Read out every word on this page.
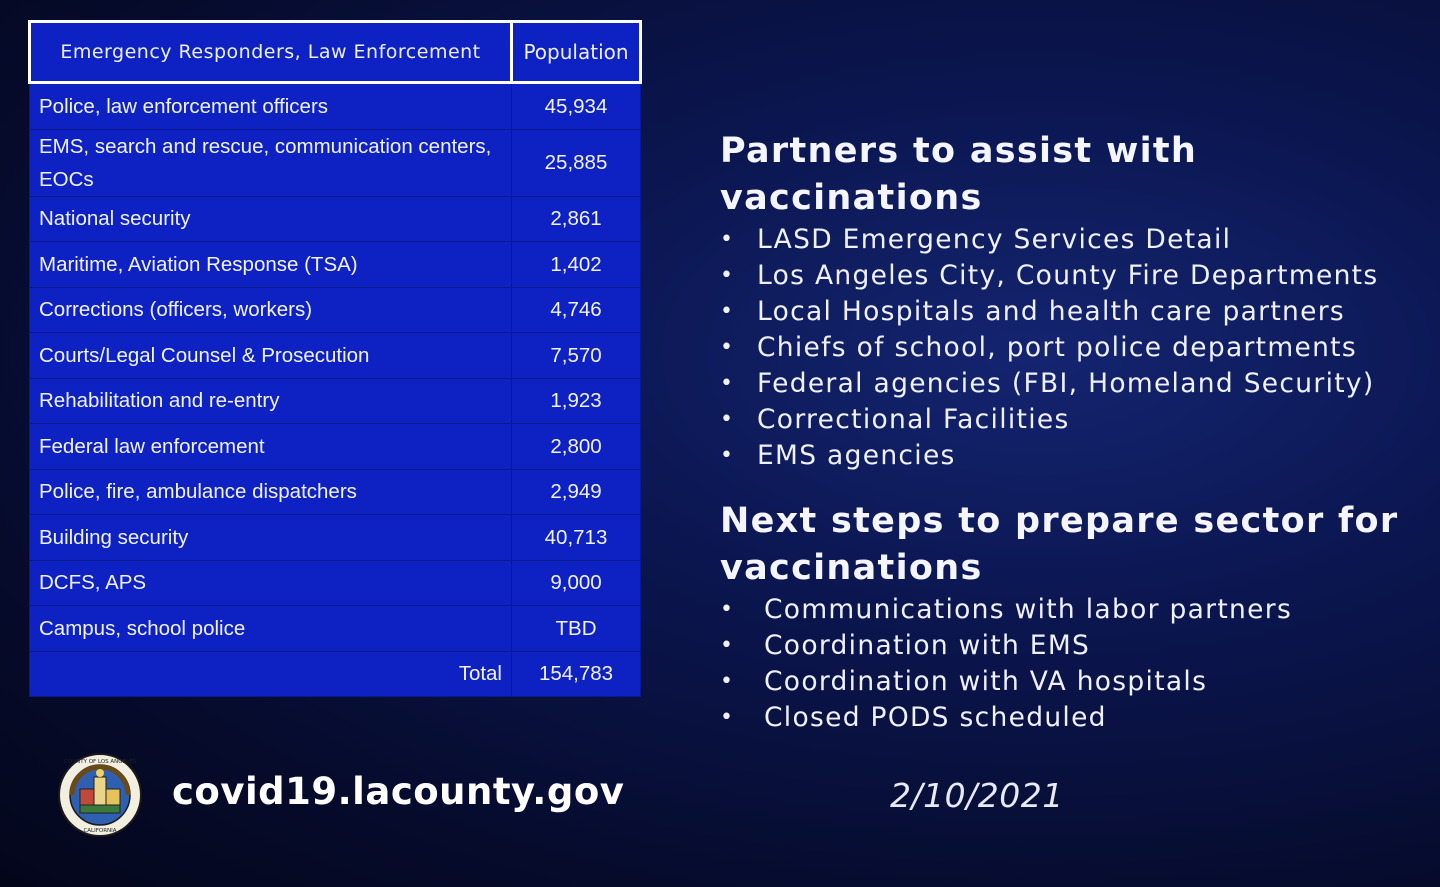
Emergency Responders, Law Enforcement	Population
Police, law enforcement officers	45,934
EMS, search and rescue, communication centers, EOCs	25,885
National security	2,861
Maritime, Aviation Response (TSA)	1,402
Corrections (officers, workers)	4,746
Courts/Legal Counsel & Prosecution	7,570
Rehabilitation and re-entry	1,923
Federal law enforcement	2,800
Police, fire, ambulance dispatchers	2,949
Building security	40,713
DCFS, APS	9,000
Campus, school police	TBD
Total	154,783
Partners to assist with vaccinations
• LASD Emergency Services Detail
• Los Angeles City, County Fire Departments
• Local Hospitals and health care partners
• Chiefs of school, port police departments
• Federal agencies (FBI, Homeland Security)
• Correctional Facilities
• EMS agencies
Next steps to prepare sector for vaccinations
• Communications with labor partners
• Coordination with EMS
• Coordination with VA hospitals
• Closed PODS scheduled
COUNTY OF LOS ANGELES
CALIFORNIA
covid19.lacounty.gov	2/10/2021
